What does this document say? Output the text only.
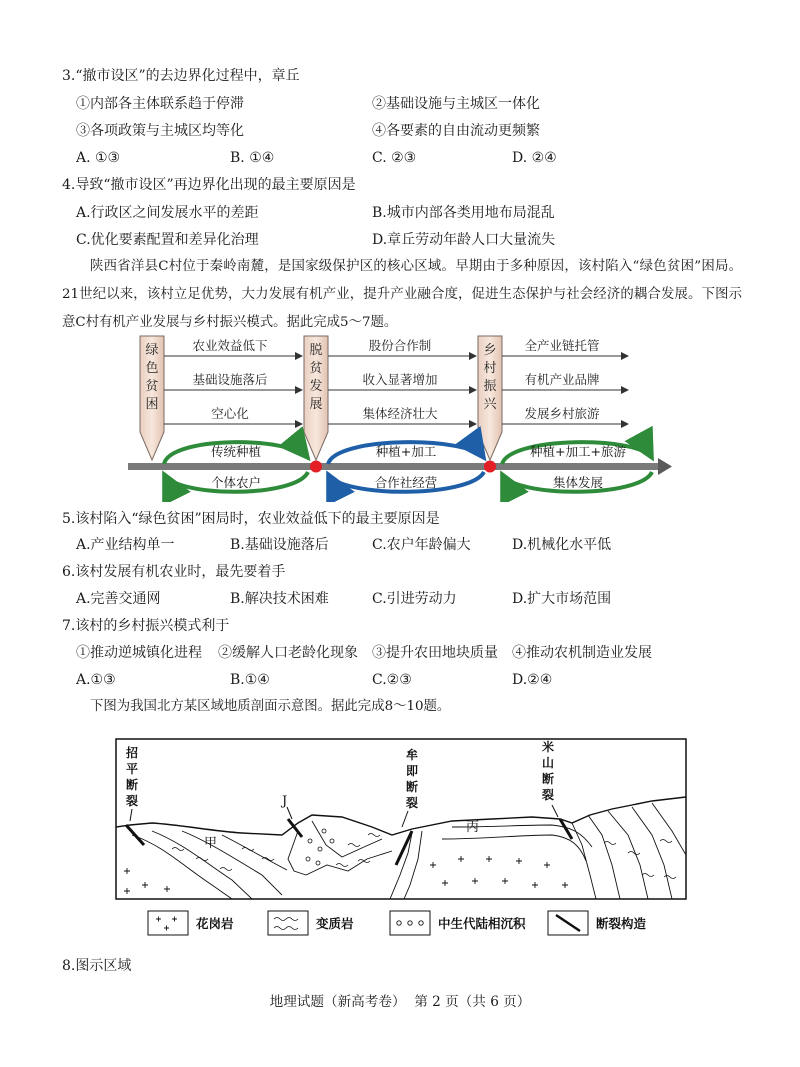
3.“撤市设区”的去边界化过程中，章丘
①内部各主体联系趋于停滞	②基础设施与主城区一体化
③各项政策与主城区均等化	④各要素的自由流动更频繁
A. ①③	B. ①④	C. ②③	D. ②④
4.导致“撤市设区”再边界化出现的最主要原因是
A.行政区之间发展水平的差距	B.城市内部各类用地布局混乱
C.优化要素配置和差异化治理	D.章丘劳动年龄人口大量流失
陕西省洋县C村位于秦岭南麓，是国家级保护区的核心区域。早期由于多种原因，该村陷入“绿色贫困”困局。21世纪以来，该村立足优势，大力发展有机产业，提升产业融合度，促进生态保护与社会经济的耦合发展。下图示意C村有机产业发展与乡村振兴模式。据此完成5～7题。
绿
色
贫
困
脱
贫
发
展
乡
村
振
兴
农业效益低下
基础设施落后
空心化
股份合作制
收入显著增加
集体经济壮大
全产业链托管
有机产业品牌
发展乡村旅游
传统种植
个体农户
种植+加工
合作社经营
种植+加工+旅游
集体发展
5.该村陷入“绿色贫困”困局时，农业效益低下的最主要原因是
A.产业结构单一	B.基础设施落后	C.农户年龄偏大	D.机械化水平低
6.该村发展有机农业时，最先要着手
A.完善交通网	B.解决技术困难	C.引进劳动力	D.扩大市场范围
7.该村的乡村振兴模式利于
①推动逆城镇化进程 ②缓解人口老龄化现象 ③提升农田地块质量 ④推动农机制造业发展
A.①③	B.①④	C.②③	D.②④
下图为我国北方某区域地质剖面示意图。据此完成8～10题。
招
平
断
裂
牟
即
断
裂
米
山
断
裂
J
甲
丙
花岗岩	变质岩	中生代陆相沉积	断裂构造
8.图示区域
地理试题（新高考卷）  第 2 页（共 6 页）
